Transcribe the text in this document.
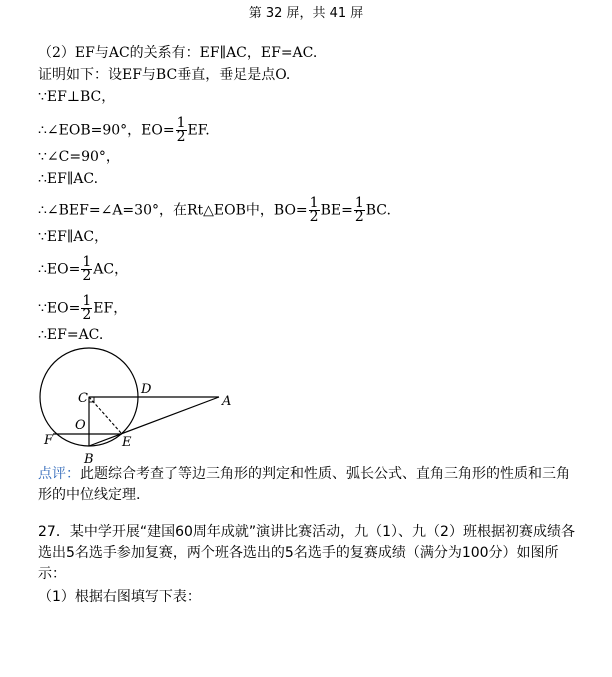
第 32 屏，共 41 屏
（2）EF与AC的关系有：EF∥AC，EF=AC.
证明如下：设EF与BC垂直，垂足是点O.
∵EF⊥BC，
∴∠EOB=90°，$EO= \frac{1}{2}$ EF.
∵∠C=90°，
∴EF∥AC.
∴∠BEF=∠A=30°，在Rt△EOB中，$BO= \frac{1}{2} BE= \frac{1}{2}$ BC.
∵EF∥AC，
∴EO= $\frac{1}{2}$ AC，
∵EO= $\frac{1}{2}$ EF，
∴EF=AC.
C
D
A
O
F	E
B
点评：此题综合考查了等边三角形的判定和性质、弧长公式、直角三角形的性质和三角形的中位线定理.
27．某中学开展“建国60周年成就”演讲比赛活动，九（1）、九（2）班根据初赛成绩各选出5名选手参加复赛，两个班各选出的5名选手的复赛成绩（满分为100分）如图所示：
（1）根据右图填写下表：
